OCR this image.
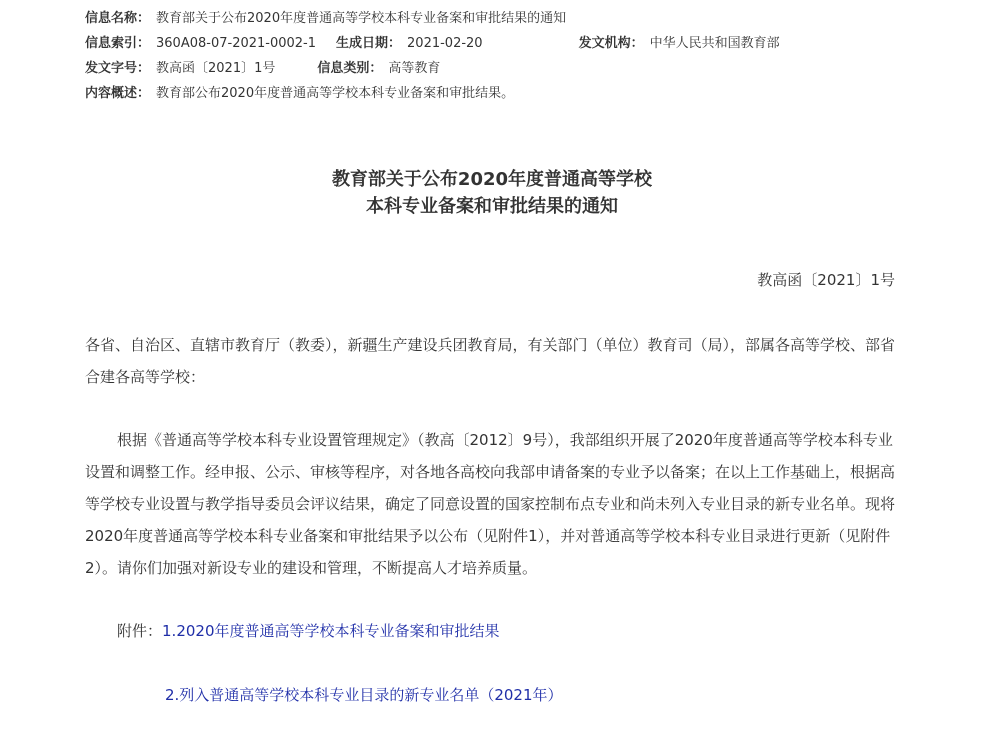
信息名称： 教育部关于公布2020年度普通高等学校本科专业备案和审批结果的通知
信息索引： 360A08-07-2021-0002-1 生成日期： 2021-02-20	发文机构： 中华人民共和国教育部
发文字号： 教高函〔2021〕1号	信息类别： 高等教育
内容概述： 教育部公布2020年度普通高等学校本科专业备案和审批结果。
教育部关于公布2020年度普通高等学校
本科专业备案和审批结果的通知
教高函〔2021〕1号
各省、自治区、直辖市教育厅（教委），新疆生产建设兵团教育局，有关部门（单位）教育司（局），部属各高等学校、部省合建各高等学校：
根据《普通高等学校本科专业设置管理规定》（教高〔2012〕9号），我部组织开展了2020年度普通高等学校本科专业设置和调整工作。经申报、公示、审核等程序，对各地各高校向我部申请备案的专业予以备案；在以上工作基础上，根据高等学校专业设置与教学指导委员会评议结果，确定了同意设置的国家控制布点专业和尚未列入专业目录的新专业名单。现将2020年度普通高等学校本科专业备案和审批结果予以公布（见附件1），并对普通高等学校本科专业目录进行更新（见附件2）。请你们加强对新设专业的建设和管理，不断提高人才培养质量。
附件：1.2020年度普通高等学校本科专业备案和审批结果
2.列入普通高等学校本科专业目录的新专业名单（2021年）
